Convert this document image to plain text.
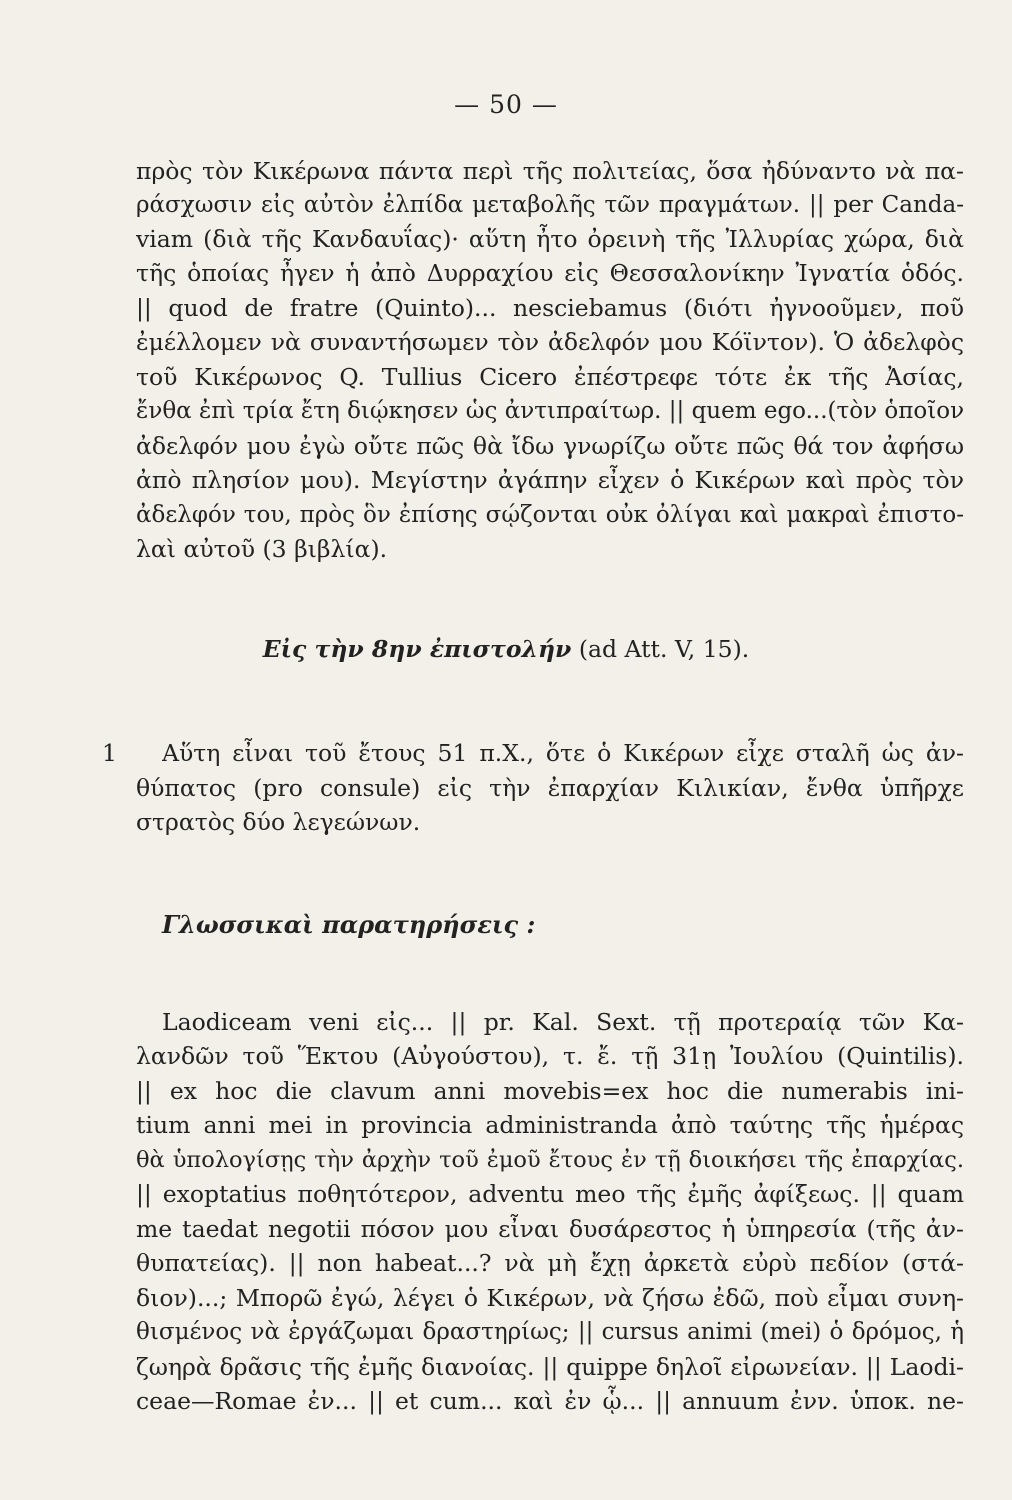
— 50 —
πρὸς τὸν Κικέρωνα πάντα περὶ τῆς πολιτείας, ὅσα ἠδύναντο νὰ πα-
ράσχωσιν εἰς αὐτὸν ἐλπίδα μεταβολῆς τῶν πραγμάτων. || per Canda-
viam (διὰ τῆς Κανδαυΐας)· αὕτη ἦτο ὀρεινὴ τῆς Ἰλλυρίας χώρα, διὰ
τῆς ὁποίας ἦγεν ἡ ἀπὸ Δυρραχίου εἰς Θεσσαλονίκην Ἰγνατία ὁδός.
|| quod de fratre (Quinto)... nesciebamus (διότι ἠγνοοῦμεν, ποῦ
ἐμέλλομεν νὰ συναντήσωμεν τὸν ἀδελφόν μου Κόϊντον). Ὁ ἀδελφὸς
τοῦ Κικέρωνος Q. Tullius Cicero ἐπέστρεφε τότε ἐκ τῆς Ἀσίας,
ἔνθα ἐπὶ τρία ἔτη διῴκησεν ὡς ἀντιπραίτωρ. || quem ego...(τὸν ὁποῖον
ἀδελφόν μου ἐγὼ οὔτε πῶς θὰ ἴδω γνωρίζω οὔτε πῶς θά τον ἀφήσω
ἀπὸ πλησίον μου). Μεγίστην ἀγάπην εἶχεν ὁ Κικέρων καὶ πρὸς τὸν
ἀδελφόν του, πρὸς ὃν ἐπίσης σῴζονται οὐκ ὀλίγαι καὶ μακραὶ ἐπιστο-
λαὶ αὐτοῦ (3 βιβλία).
Εἰς τὴν 8ην ἐπιστολήν (ad Att. V, 15).
1 Αὕτη εἶναι τοῦ ἔτους 51 π.Χ., ὅτε ὁ Κικέρων εἶχε σταλῆ ὡς ἀν-
θύπατος (pro consule) εἰς τὴν ἐπαρχίαν Κιλικίαν, ἔνθα ὑπῆρχε
στρατὸς δύο λεγεώνων.
Γλωσσικαὶ παρατηρήσεις :
Laodiceam veni εἰς... || pr. Kal. Sext. τῇ προτεραίᾳ τῶν Κα-
λανδῶν τοῦ Ἕκτου (Αὐγούστου), τ. ἔ. τῇ 31ῃ Ἰουλίου (Quintilis).
|| ex hoc die clavum anni movebis=ex hoc die numerabis ini-
tium anni mei in provincia administranda ἀπὸ ταύτης τῆς ἡμέρας
θὰ ὑπολογίσῃς τὴν ἀρχὴν τοῦ ἐμοῦ ἔτους ἐν τῇ διοικήσει τῆς ἐπαρχίας.
|| exoptatius ποθητότερον, adventu meo τῆς ἐμῆς ἀφίξεως. || quam
me taedat negotii πόσον μου εἶναι δυσάρεστος ἡ ὑπηρεσία (τῆς ἀν-
θυπατείας). || non habeat...? νὰ μὴ ἔχῃ ἀρκετὰ εὐρὺ πεδίον (στά-
διον)...; Μπορῶ ἐγώ, λέγει ὁ Κικέρων, νὰ ζήσω ἐδῶ, ποὺ εἶμαι συνη-
θισμένος νὰ ἐργάζωμαι δραστηρίως; || cursus animi (mei) ὁ δρόμος, ἡ
ζωηρὰ δρᾶσις τῆς ἐμῆς διανοίας. || quippe δηλοῖ εἰρωνείαν. || Laodi-
ceae—Romae ἐν... || et cum... καὶ ἐν ᾧ... || annuum ἐνν. ὑποκ. ne-
